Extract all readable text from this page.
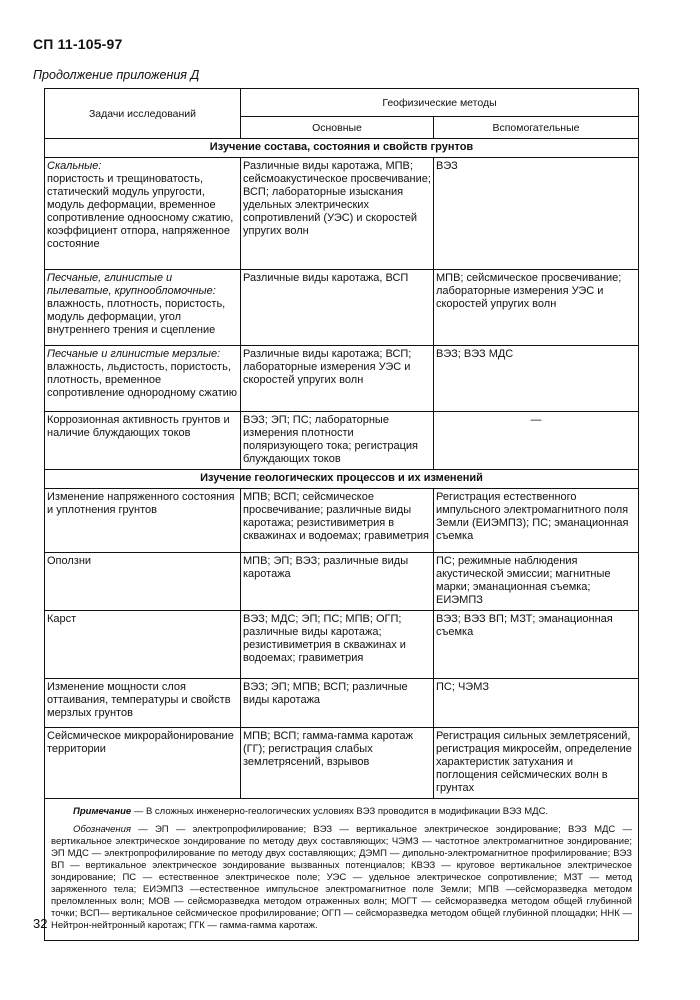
СП 11-105-97
Продолжение приложения Д
Задачи исследований	Геофизические методы	
	Основные	Вспомогательные
Изучение состава, состояния и свойств грунтов		
Скальные:
пористость и трещиноватость, статический модуль упругости, модуль деформации, временное сопротивление одноосному сжатию, коэффициент отпора, напряженное состояние	Различные виды каротажа, МПВ; сейсмоакустическое просвечивание; ВСП; лабораторные изыскания удельных электрических сопротивлений (УЭС) и скоростей упругих волн	ВЭЗ
Песчаные, глинистые и пылеватые, крупнообломочные:
влажность, плотность, пористость, модуль деформации, угол внутреннего трения и сцепление	Различные виды каротажа, ВСП	МПВ; сейсмическое просвечивание; лабораторные измерения УЭС и скоростей упругих волн
Песчаные и глинистые мерзлые:
влажность, льдистость, пористость, плотность, временное сопротивление однородному сжатию	Различные виды каротажа; ВСП; лабораторные измерения УЭС и скоростей упругих волн	ВЭЗ; ВЭЗ МДС

Коррозионная активность грунтов и наличие блуждающих токов	ВЭЗ; ЭП; ПС; лабораторные измерения плотности поляризующего тока; регистрация блуждающих токов	—
Изучение геологических процессов и их изменений		

Изменение напряженного состояния и уплотнения грунтов	МПВ; ВСП; сейсмическое просвечивание; различные виды каротажа; резистивиметрия в скважинах и водоемах; гравиметрия	Регистрация естественного импульсного электромагнитного поля Земли (ЕИЭМПЗ); ПС; эманационная съемка

Оползни	МПВ; ЭП; ВЭЗ; различные виды каротажа	ПС; режимные наблюдения акустической эмиссии; магнитные марки; эманационная съемка; ЕИЭМПЗ

Карст	ВЭЗ; МДС; ЭП; ПС; МПВ; ОГП; различные виды каротажа; резистивиметрия в скважинах и водоемах; гравиметрия	ВЭЗ; ВЭЗ ВП; МЗТ; эманационная съемка

Изменение мощности слоя оттаивания, температуры и свойств мерзлых грунтов	ВЭЗ; ЭП; МПВ; ВСП; различные виды каротажа	ПС; ЧЭМЗ

Сейсмическое микрорайонирование территории	МПВ; ВСП; гамма-гамма каротаж (ГГ); регистрация слабых землетрясений, взрывов	Регистрация сильных землетрясений, регистрация микросейм, определение характеристик затухания и поглощения сейсмических волн в грунтах

Примечание — В сложных инженерно-геологических условиях ВЭЗ проводится в модификации ВЭЗ МДС.
Обозначения — ЭП — электропрофилирование; ВЭЗ — вертикальное электрическое зондирование; ВЭЗ МДС — вертикальное электрическое зондирование по методу двух составляющих; ЧЭМЗ — частотное электромагнитное зондирование; ЭП МДС — электропрофилирование по методу двух составляющих; ДЭМП — дипольно-электромагнитное профилирование; ВЭЗ ВП — вертикальное электрическое зондирование вызванных потенциалов; КВЭЗ — круговое вертикальное электрическое зондирование; ПС — естественное электрическое поле; УЭС — удельное электрическое сопротивление; МЗТ — метод заряженного тела; ЕИЭМПЗ —естественное импульсное электромагнитное поле Земли; МПВ —сейсморазведка методом преломленных волн; МОВ — сейсморазведка методом отраженных волн; МОГТ — сейсморазведка методом общей глубинной точки; ВСП— вертикальное сейсмическое профилирование; ОГП — сейсморазведка методом общей глубинной площадки; ННК —Нейтрон-нейтронный каротаж; ГГК — гамма-гамма каротаж.		
32
